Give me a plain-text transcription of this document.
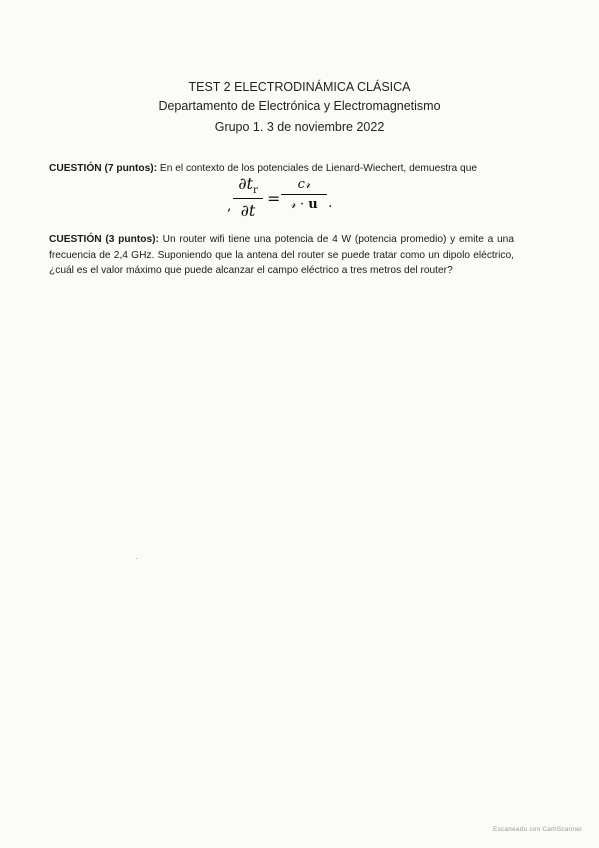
TEST 2 ELECTRODINÁMICA CLÁSICA
Departamento de Electrónica y Electromagnetismo
Grupo 1. 3 de noviembre 2022
CUESTIÓN (7 puntos): En el contexto de los potenciales de Lienard-Wiechert, demuestra que
,
$\partial t_r$
∂t
=
c𝓇
𝓇 · u .
CUESTIÓN (3 puntos): Un router wifi tiene una potencia de 4 W (potencia promedio) y emite a una frecuencia de 2,4 GHz. Suponiendo que la antena del router se puede tratar como un dipolo eléctrico, ¿cuál es el valor máximo que puede alcanzar el campo eléctrico a tres metros del router?
Escaneado con CamScanner
